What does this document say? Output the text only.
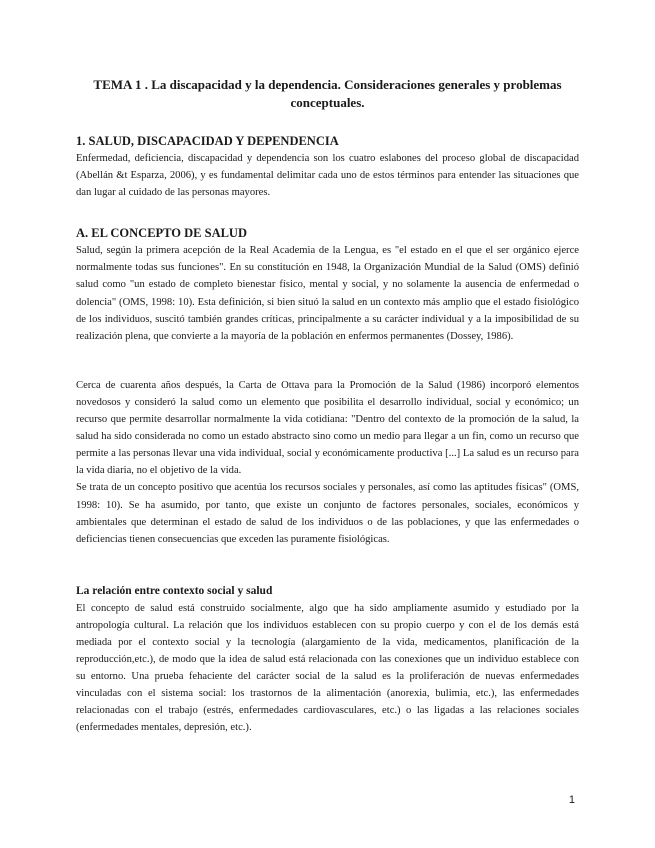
TEMA 1 . La discapacidad y la dependencia. Consideraciones generales y problemas conceptuales.
1. SALUD, DISCAPACIDAD Y DEPENDENCIA

Enfermedad, deficiencia, discapacidad y dependencia son los cuatro eslabones del proceso global de discapacidad (Abellán &t Esparza, 2006), y es fundamental delimitar cada uno de estos términos para entender las situaciones que dan lugar al cuidado de las personas mayores.

A. EL CONCEPTO DE SALUD

Salud, según la primera acepción de la Real Academia de la Lengua, es "el estado en el que el ser orgánico ejerce normalmente todas sus funciones". En su constitución en 1948, la Organización Mundial de la Salud (OMS) definió salud como "un estado de completo bienestar físico, mental y social, y no solamente la ausencia de enfermedad o dolencia" (OMS, 1998: 10). Esta definición, si bien situó la salud en un contexto más amplio que el estado fisiológico de los individuos, suscitó también grandes críticas, principalmente a su carácter individual y a la imposibilidad de su realización plena, que convierte a la mayoría de la población en enfermos permanentes (Dossey, 1986).

Cerca de cuarenta años después, la Carta de Ottava para la Promoción de la Salud (1986) incorporó elementos novedosos y consideró la salud como un elemento que posibilita el desarrollo individual, social y económico; un recurso que permite desarrollar normalmente la vida cotidiana: "Dentro del contexto de la promoción de la salud, la salud ha sido considerada no como un estado abstracto sino como un medio para llegar a un fin, como un recurso que permite a las personas llevar una vida individual, social y económicamente productiva [...] La salud es un recurso para la vida diaria, no el objetivo de la vida.

Se trata de un concepto positivo que acentúa los recursos sociales y personales, así como las aptitudes físicas" (OMS, 1998: 10). Se ha asumido, por tanto, que existe un conjunto de factores personales, sociales, económicos y ambientales que determinan el estado de salud de los individuos o de las poblaciones, y que las enfermedades o deficiencias tienen consecuencias que exceden las puramente fisiológicas.

La relación entre contexto social y salud

El concepto de salud está construido socialmente, algo que ha sido ampliamente asumido y estudiado por la antropología cultural. La relación que los individuos establecen con su propio cuerpo y con el de los demás está mediada por el contexto social y la tecnología (alargamiento de la vida, medicamentos, planificación de la reproducción,etc.), de modo que la idea de salud está relacionada con las conexiones que un individuo establece con su entorno. Una prueba fehaciente del carácter social de la salud es la proliferación de nuevas enfermedades vinculadas con el sistema social: los trastornos de la alimentación (anorexia, bulimia, etc.), las enfermedades relacionadas con el trabajo (estrés, enfermedades cardiovasculares, etc.) o las ligadas a las relaciones sociales (enfermedades mentales, depresión, etc.).

1
